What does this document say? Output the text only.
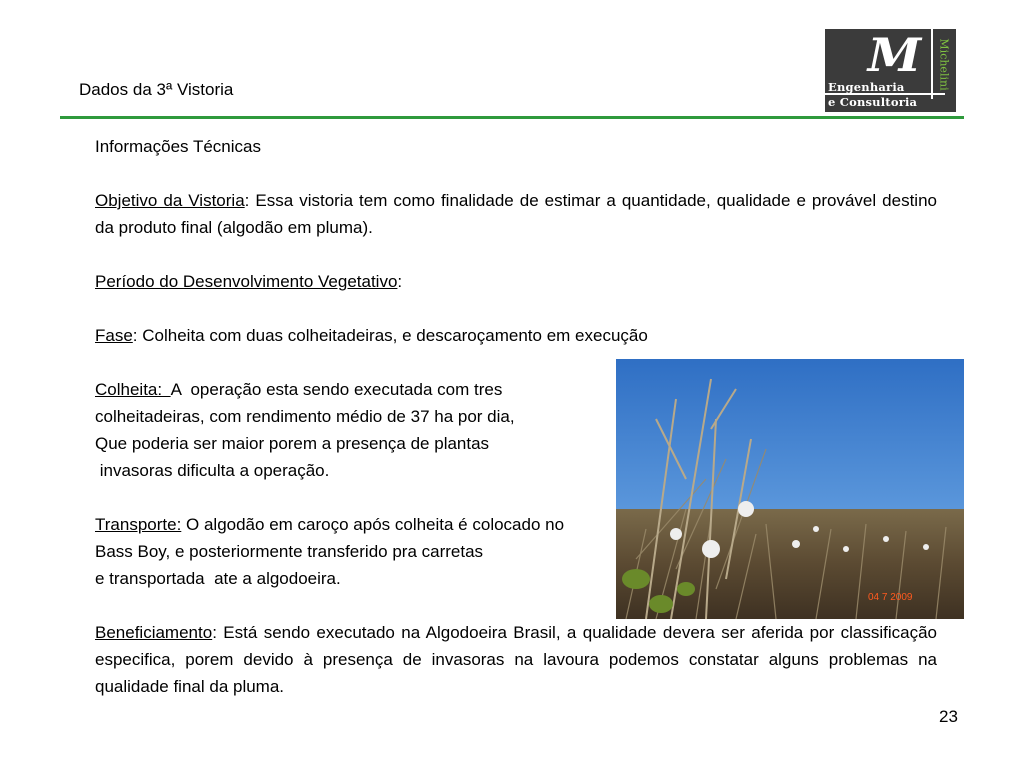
Dados da 3ª Vistoria
M
Engenharia
e Consultoria
Michelini

Informações Técnicas

Objetivo da Vistoria: Essa vistoria tem como finalidade de estimar a quantidade, qualidade e provável destino da produto final (algodão em pluma).

Período do Desenvolvimento Vegetativo:

Fase: Colheita com duas colheitadeiras, e descaroçamento em execução

Colheita:  A  operação esta sendo executada com tres

colheitadeiras, com rendimento médio de 37 ha por dia,

Que poderia ser maior porem a presença de plantas

invasoras dificulta a operação.

Transporte: O algodão em caroço após colheita é colocado no

Bass Boy, e posteriormente transferido pra carretas

e transportada  ate a algodoeira.

Beneficiamento: Está sendo executado na Algodoeira Brasil, a qualidade devera ser aferida por classificação especifica, porem devido à presença de invasoras na lavoura podemos constatar alguns problemas na qualidade final da pluma.

04 7 2009
23
